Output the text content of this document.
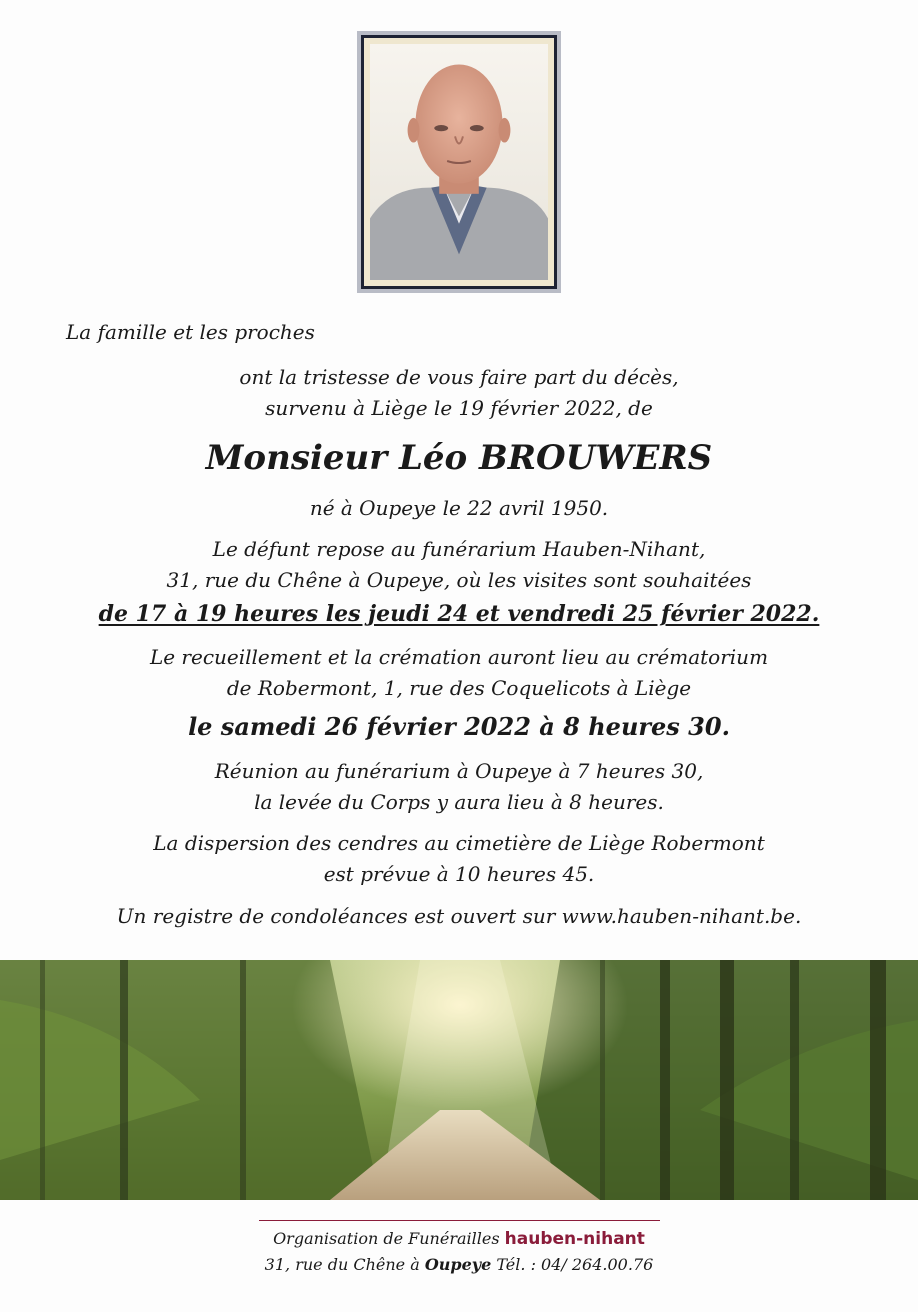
La famille et les proches
ont la tristesse de vous faire part du décès,
survenu à Liège le 19 février 2022, de
Monsieur Léo BROUWERS
né à Oupeye le 22 avril 1950.
Le défunt repose au funérarium Hauben-Nihant,
31, rue du Chêne à Oupeye, où les visites sont souhaitées
de 17 à 19 heures les jeudi 24 et vendredi 25 février 2022.
Le recueillement et la crémation auront lieu au crématorium
de Robermont, 1, rue des Coquelicots à Liège
le samedi 26 février 2022 à 8 heures 30.
Réunion au funérarium à Oupeye à 7 heures 30,
la levée du Corps y aura lieu à 8 heures.
La dispersion des cendres au cimetière de Liège Robermont
est prévue à 10 heures 45.
Un registre de condoléances est ouvert sur www.hauben-nihant.be.
Organisation de Funérailles hauben-nihant
31, rue du Chêne à Oupeye Tél. : 04/ 264.00.76
